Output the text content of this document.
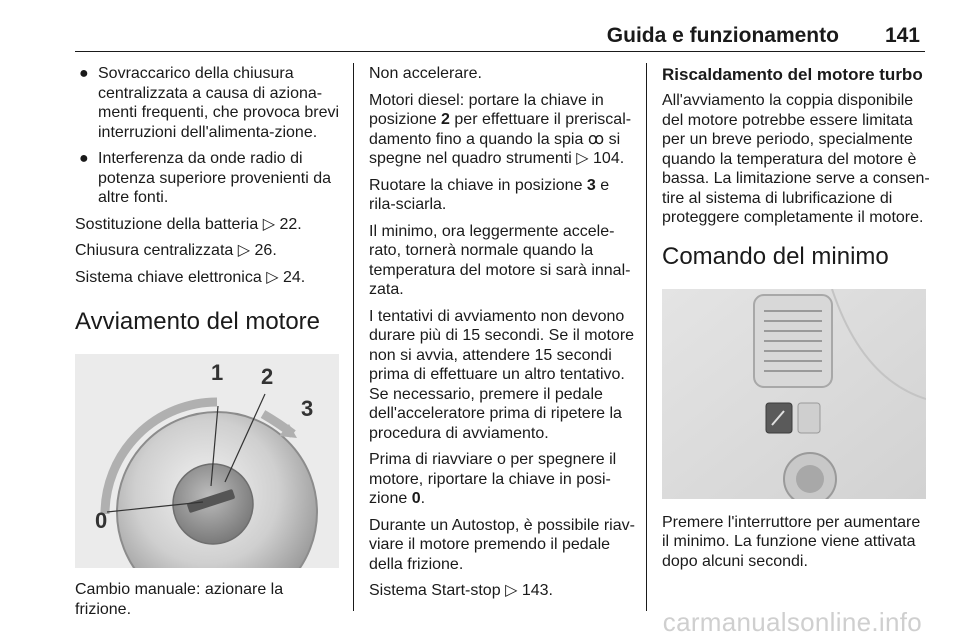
Guida e funzionamento 141
● Sovraccarico della chiusura centralizzata a causa di aziona-menti frequenti, che provoca brevi interruzioni dell'alimenta-zione.
● Interferenza da onde radio di potenza superiore provenienti da altre fonti.

Sostituzione della batteria ▷ 22.

Chiusura centralizzata ▷ 26.

Sistema chiave elettronica ▷ 24.

Avviamento del motore
0
1 2
3

Cambio manuale: azionare la frizione.

Non accelerare.

Motori diesel: portare la chiave in posizione 2 per effettuare il preriscal-damento fino a quando la spia ꝏ si spegne nel quadro strumenti ▷ 104.

Ruotare la chiave in posizione 3 e rila-sciarla.

Il minimo, ora leggermente accele-rato, tornerà normale quando la temperatura del motore si sarà innal-zata.

I tentativi di avviamento non devono durare più di 15 secondi. Se il motore non si avvia, attendere 15 secondi prima di effettuare un altro tentativo. Se necessario, premere il pedale dell'acceleratore prima di ripetere la procedura di avviamento.

Prima di riavviare o per spegnere il motore, riportare la chiave in posi-zione 0.

Durante un Autostop, è possibile riav-viare il motore premendo il pedale della frizione.

Sistema Start-stop ▷ 143.

Riscaldamento del motore turbo

All'avviamento la coppia disponibile del motore potrebbe essere limitata per un breve periodo, specialmente quando la temperatura del motore è bassa. La limitazione serve a consen-tire al sistema di lubrificazione di proteggere completamente il motore.

Comando del minimo

Premere l'interruttore per aumentare il minimo. La funzione viene attivata dopo alcuni secondi.

carmanualsonline.info
